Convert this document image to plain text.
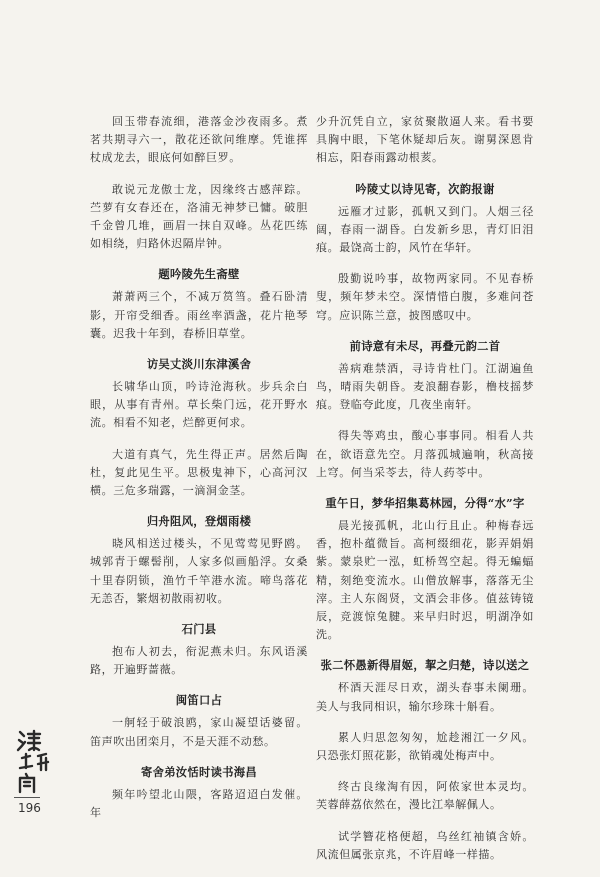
回玉带春流细，港落金沙夜雨多。煮茗共期寻六一，散花还欲问维摩。凭谁挥杖成龙去，眼底何如醉巨罗。

敢说元龙傲士龙，因缘终古感萍踪。苎萝有女春还在，洛浦无神梦已慵。破胆千金曾几堆，画眉一抹自双峰。丛花匹练如相绕，归路休迟隔岸钟。

题吟陵先生斋壁

萧萧两三个，不减万筼筜。叠石卧清影，开帘受细香。雨丝率酒盏，花片艳琴囊。迟我十年到，春桥旧草堂。

访吴丈淡川东津溪舍

长啸华山顶，吟诗沧海秋。步兵余白眼，从事有青州。草长柴门远，花开野水流。相看不知老，烂醉更何求。

大道有真气，先生得正声。居然后陶杜，复此见生平。思极鬼神下，心高河汉横。三危多瑞露，一滴洞金茎。

归舟阻风，登烟雨楼

晓风相送过楼头，不见莺莺见野鸥。城郭青于螺髻削，人家多似画船浮。女桑十里春阴锁，渔竹千竿港水流。啼鸟落花无恙否，繁烟初散雨初收。

石门县

抱布人初去，衔泥燕未归。东风语溪路，开遍野蔷薇。

闽笛口占

一舸轻于破浪鸥，家山凝望话婆留。笛声吹出团栾月，不是天涯不动愁。

寄舍弟汝恬时读书海昌

频年吟望北山隈，客路迢迢白发催。年

少升沉凭自立，家贫聚散逼人来。看书要具胸中眼，下笔休疑却后灰。谢舅深恩肯相忘，阳春雨露动根荄。

吟陵丈以诗见寄，次韵报谢

远雁才过影，孤帆又到门。人烟三径阔，春雨一湖昏。白发新乡思，青灯旧泪痕。最饶高士韵，风竹在华轩。

殷勤说吟事，故物两家同。不见春桥叟，频年梦未空。深情惜白腹，多难问苍穹。应识陈兰意，披图感叹中。

前诗意有未尽，再叠元韵二首

善病难禁酒，寻诗肯杜门。江湖遍鱼鸟，晴雨失朝昏。麦浪翻春影，橹枝摇梦痕。登临夸此度，几夜坐南轩。

得失等鸡虫，酸心事事同。相看人共在，欲语意先空。月落孤城遍响，秋高接上穹。何当采苓去，待人药苓中。

重午日，梦华招集葛林园，分得“水”字

晨光接孤帆，北山行且止。种梅春远香，抱朴蕴微旨。高柯缀细花，影弄娟娟紫。蒙泉贮一泓，虹桥驾空起。得无蝙蝠精，刻绝变流水。山僧放解事，落落无尘滓。主人东阁贤，文酒会非侈。值兹铸镜辰，竞渡惊兔腱。来早归时迟，明湖净如洗。

张二怀愚新得眉姬，挈之归楚，诗以送之

杯酒天涯尽日欢，湖头春事未阑珊。美人与我同相识，输尔珍珠十斛看。

累人归思忽匆匆，尬趁湘江一夕风。只恐张灯照花影，欲销魂处梅声中。

终古良缘淘有因，阿侬家世本灵均。芙蓉薛荔依然在，漫比江皋解佩人。

试学簪花格便超，乌丝红袖镇含娇。风流但属张京兆，不许眉峰一样描。

196
